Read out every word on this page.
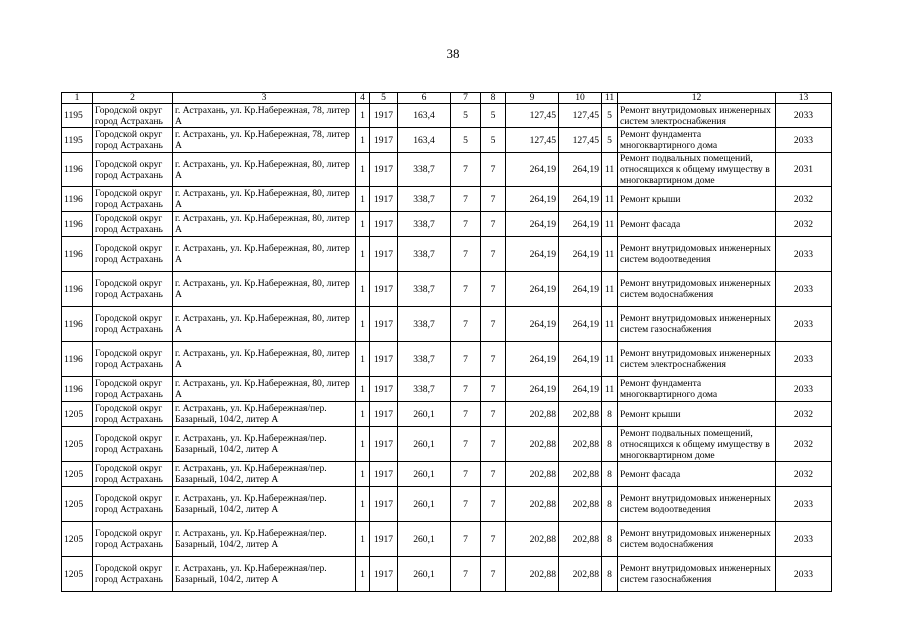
38
1	2	3	4	5	6	7	8	9	10	11	12	13
1195	Городской округ город Астрахань	г. Астрахань, ул. Кр.Набережная, 78, литер А	1	1917	163,4	5	5	127,45	127,45	5	Ремонт внутридомовых инженерных систем электроснабжения	2033
1195	Городской округ город Астрахань	г. Астрахань, ул. Кр.Набережная, 78, литер А	1	1917	163,4	5	5	127,45	127,45	5	Ремонт фундамента многоквартирного дома	2033
1196	Городской округ город Астрахань	г. Астрахань, ул. Кр.Набережная, 80, литер А	1	1917	338,7	7	7	264,19	264,19	11	Ремонт подвальных помещений, относящихся к общему имуществу в многоквартирном доме	2031
1196	Городской округ город Астрахань	г. Астрахань, ул. Кр.Набережная, 80, литер А	1	1917	338,7	7	7	264,19	264,19	11	Ремонт крыши	2032
1196	Городской округ город Астрахань	г. Астрахань, ул. Кр.Набережная, 80, литер А	1	1917	338,7	7	7	264,19	264,19	11	Ремонт фасада	2032
1196	Городской округ город Астрахань	г. Астрахань, ул. Кр.Набережная, 80, литер А	1	1917	338,7	7	7	264,19	264,19	11	Ремонт внутридомовых инженерных систем водоотведения	2033
1196	Городской округ город Астрахань	г. Астрахань, ул. Кр.Набережная, 80, литер А	1	1917	338,7	7	7	264,19	264,19	11	Ремонт внутридомовых инженерных систем водоснабжения	2033
1196	Городской округ город Астрахань	г. Астрахань, ул. Кр.Набережная, 80, литер А	1	1917	338,7	7	7	264,19	264,19	11	Ремонт внутридомовых инженерных систем газоснабжения	2033
1196	Городской округ город Астрахань	г. Астрахань, ул. Кр.Набережная, 80, литер А	1	1917	338,7	7	7	264,19	264,19	11	Ремонт внутридомовых инженерных систем электроснабжения	2033
1196	Городской округ город Астрахань	г. Астрахань, ул. Кр.Набережная, 80, литер А	1	1917	338,7	7	7	264,19	264,19	11	Ремонт фундамента многоквартирного дома	2033
1205	Городской округ город Астрахань	г. Астрахань, ул. Кр.Набережная/пер. Базарный, 104/2, литер А	1	1917	260,1	7	7	202,88	202,88	8	Ремонт крыши	2032
1205	Городской округ город Астрахань	г. Астрахань, ул. Кр.Набережная/пер. Базарный, 104/2, литер А	1	1917	260,1	7	7	202,88	202,88	8	Ремонт подвальных помещений, относящихся к общему имуществу в многоквартирном доме	2032
1205	Городской округ город Астрахань	г. Астрахань, ул. Кр.Набережная/пер. Базарный, 104/2, литер А	1	1917	260,1	7	7	202,88	202,88	8	Ремонт фасада	2032
1205	Городской округ город Астрахань	г. Астрахань, ул. Кр.Набережная/пер. Базарный, 104/2, литер А	1	1917	260,1	7	7	202,88	202,88	8	Ремонт внутридомовых инженерных систем водоотведения	2033
1205	Городской округ город Астрахань	г. Астрахань, ул. Кр.Набережная/пер. Базарный, 104/2, литер А	1	1917	260,1	7	7	202,88	202,88	8	Ремонт внутридомовых инженерных систем водоснабжения	2033
1205	Городской округ город Астрахань	г. Астрахань, ул. Кр.Набережная/пер. Базарный, 104/2, литер А	1	1917	260,1	7	7	202,88	202,88	8	Ремонт внутридомовых инженерных систем газоснабжения	2033
